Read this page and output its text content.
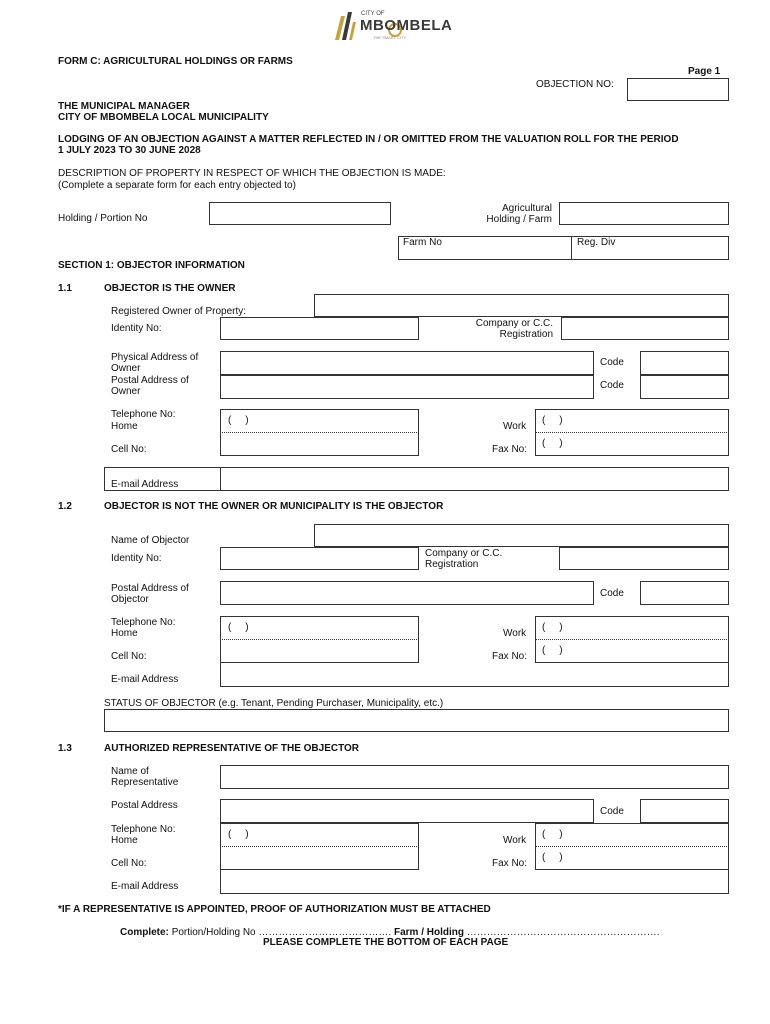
CITY OF
MBOMBELA
THE SMART CITY
FORM C: AGRICULTURAL HOLDINGS OR FARMS
Page 1
OBJECTION NO:
THE MUNICIPAL MANAGER
CITY OF MBOMBELA LOCAL MUNICIPALITY
LODGING OF AN OBJECTION AGAINST A MATTER REFLECTED IN / OR OMITTED FROM THE VALUATION ROLL FOR THE PERIOD
1 JULY 2023 TO 30 JUNE 2028
DESCRIPTION OF PROPERTY IN RESPECT OF WHICH THE OBJECTION IS MADE:
(Complete a separate form for each entry objected to)
Holding / Portion No
Agricultural
Holding / Farm
Farm No	Reg. Div
SECTION 1: OBJECTOR INFORMATION
1.1	OBJECTOR IS THE OWNER
Registered Owner of Property:
Identity No:	Company or C.C.
Registration
Physical Address of
Owner
Code
Postal Address of
Owner
Code
Telephone No:
Home
(     )
Work
(     )
Cell No:	Fax No:
(     )
E-mail Address
1.2	OBJECTOR IS NOT THE OWNER OR MUNICIPALITY IS THE OBJECTOR
Name of Objector
Identity No:	Company or C.C.
Registration
Postal Address of
Objector
Code
Telephone No:
Home
(     )
Work
(     )
Cell No:	Fax No:
(     )
E-mail Address
STATUS OF OBJECTOR (e.g. Tenant, Pending Purchaser, Municipality, etc.)
1.3	AUTHORIZED REPRESENTATIVE OF THE OBJECTOR
Name of
Representative
Postal Address
Code
Telephone No:
Home
(     )
Work
(     )
Cell No:	Fax No:
(     )
E-mail Address
*IF A REPRESENTATIVE IS APPOINTED, PROOF OF AUTHORIZATION MUST BE ATTACHED
Complete: Portion/Holding No …………………………………. Farm / Holding ………………………………………………….
PLEASE COMPLETE THE BOTTOM OF EACH PAGE
